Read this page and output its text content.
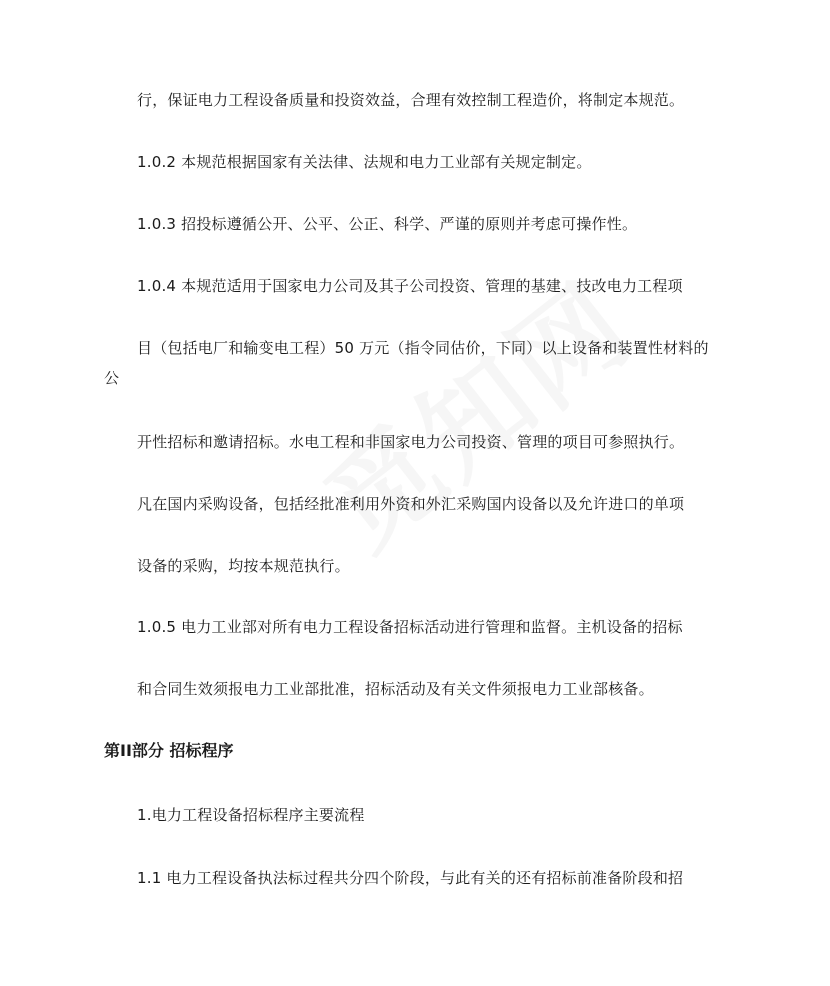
行，保证电力工程设备质量和投资效益，合理有效控制工程造价，将制定本规范。
1.0.2 本规范根据国家有关法律、法规和电力工业部有关规定制定。
1.0.3 招投标遵循公开、公平、公正、科学、严谨的原则并考虑可操作性。
1.0.4 本规范适用于国家电力公司及其子公司投资、管理的基建、技改电力工程项
目（包括电厂和输变电工程）50 万元（指令同估价，下同）以上设备和装置性材料的
公
开性招标和邀请招标。水电工程和非国家电力公司投资、管理的项目可参照执行。
凡在国内采购设备，包括经批准利用外资和外汇采购国内设备以及允许进口的单项
设备的采购，均按本规范执行。
1.0.5 电力工业部对所有电力工程设备招标活动进行管理和监督。主机设备的招标
和合同生效须报电力工业部批准，招标活动及有关文件须报电力工业部核备。
第II部分 招标程序
1.电力工程设备招标程序主要流程
1.1 电力工程设备执法标过程共分四个阶段，与此有关的还有招标前准备阶段和招
